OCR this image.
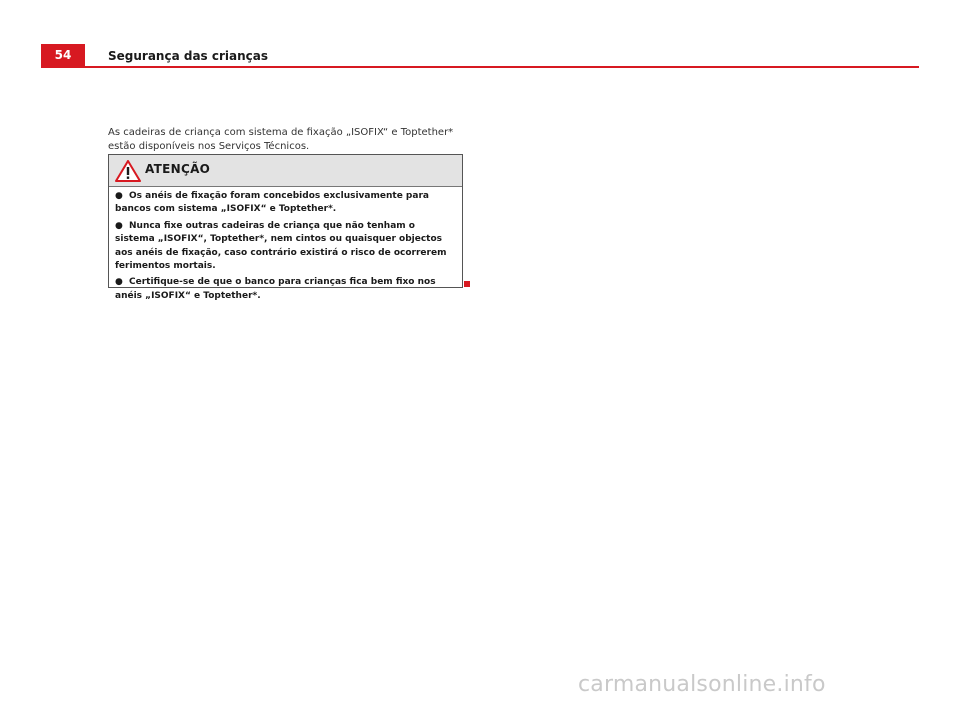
54	Segurança das crianças

As cadeiras de criança com sistema de fixação „ISOFIX“ e Toptether* estão disponíveis nos Serviços Técnicos.

ATENÇÃO
● Os anéis de fixação foram concebidos exclusivamente para bancos com sistema „ISOFIX“ e Toptether*.
● Nunca fixe outras cadeiras de criança que não tenham o sistema „ISOFIX“, Toptether*, nem cintos ou quaisquer objectos aos anéis de fixação, caso contrário existirá o risco de ocorrerem ferimentos mortais.
● Certifique-se de que o banco para crianças fica bem fixo nos anéis „ISOFIX“ e Toptether*.
carmanualsonline.info
